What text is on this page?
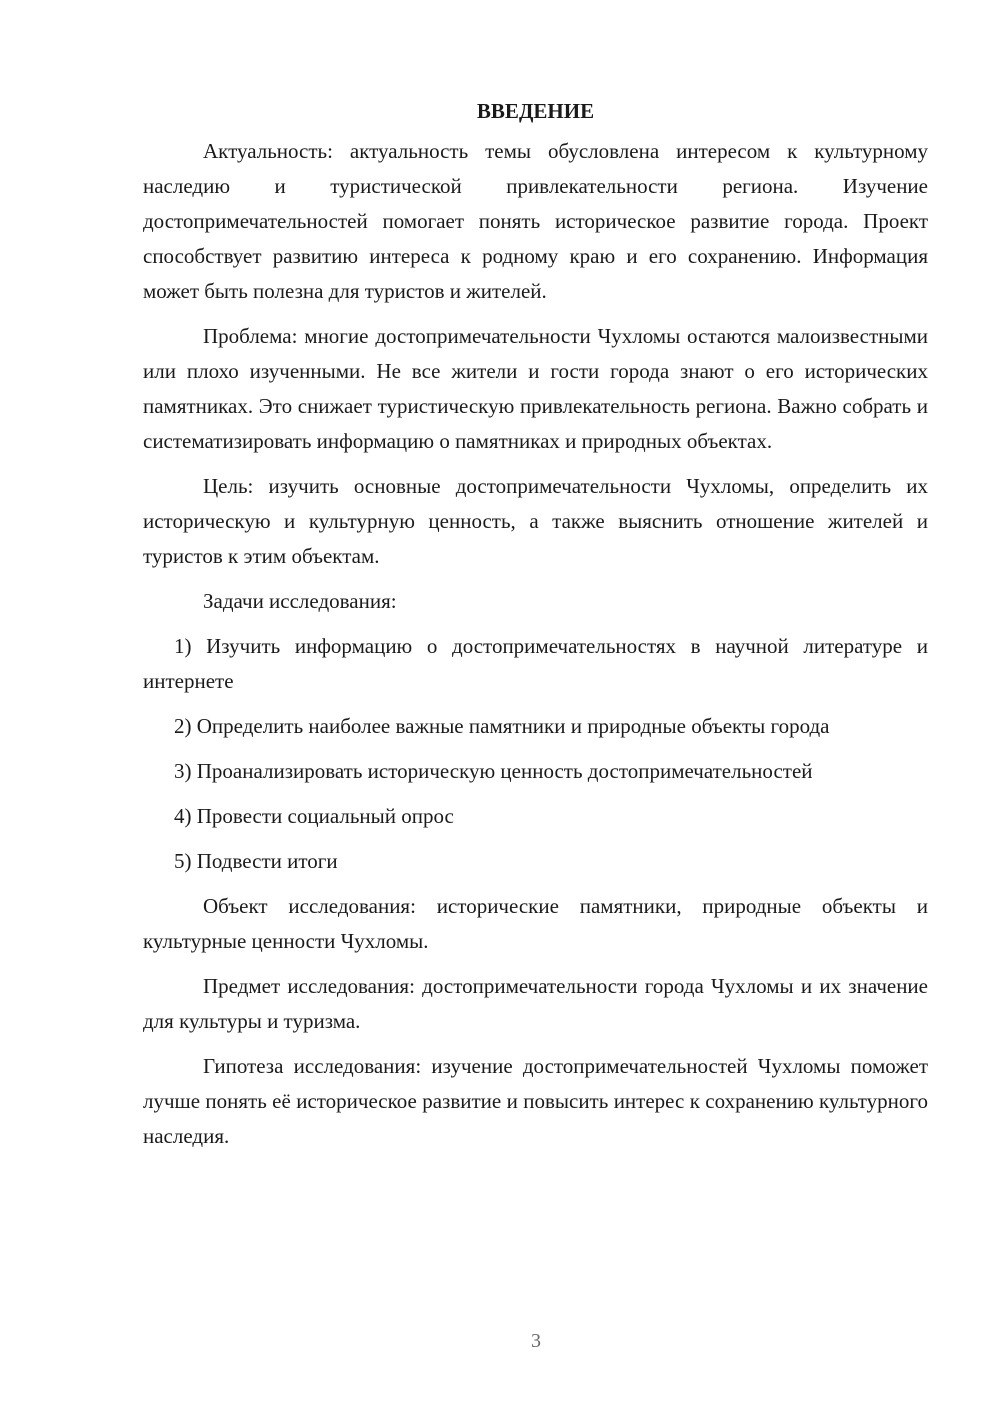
ВВЕДЕНИЕ

Актуальность: актуальность темы обусловлена интересом к культурному наследию и туристической привлекательности региона. Изучение достопримечательностей помогает понять историческое развитие города. Проект способствует развитию интереса к родному краю и его сохранению. Информация может быть полезна для туристов и жителей.

Проблема: многие достопримечательности Чухломы остаются малоизвестными или плохо изученными. Не все жители и гости города знают о его исторических памятниках. Это снижает туристическую привлекательность региона. Важно собрать и систематизировать информацию о памятниках и природных объектах.

Цель: изучить основные достопримечательности Чухломы, определить их историческую и культурную ценность, а также выяснить отношение жителей и туристов к этим объектам.

Задачи исследования:

1) Изучить информацию о достопримечательностях в научной литературе и интернете

2) Определить наиболее важные памятники и природные объекты города

3) Проанализировать историческую ценность достопримечательностей

4) Провести социальный опрос

5) Подвести итоги

Объект исследования: исторические памятники, природные объекты и культурные ценности Чухломы.

Предмет исследования: достопримечательности города Чухломы и их значение для культуры и туризма.

Гипотеза исследования: изучение достопримечательностей Чухломы поможет лучше понять её историческое развитие и повысить интерес к сохранению культурного наследия.

3
